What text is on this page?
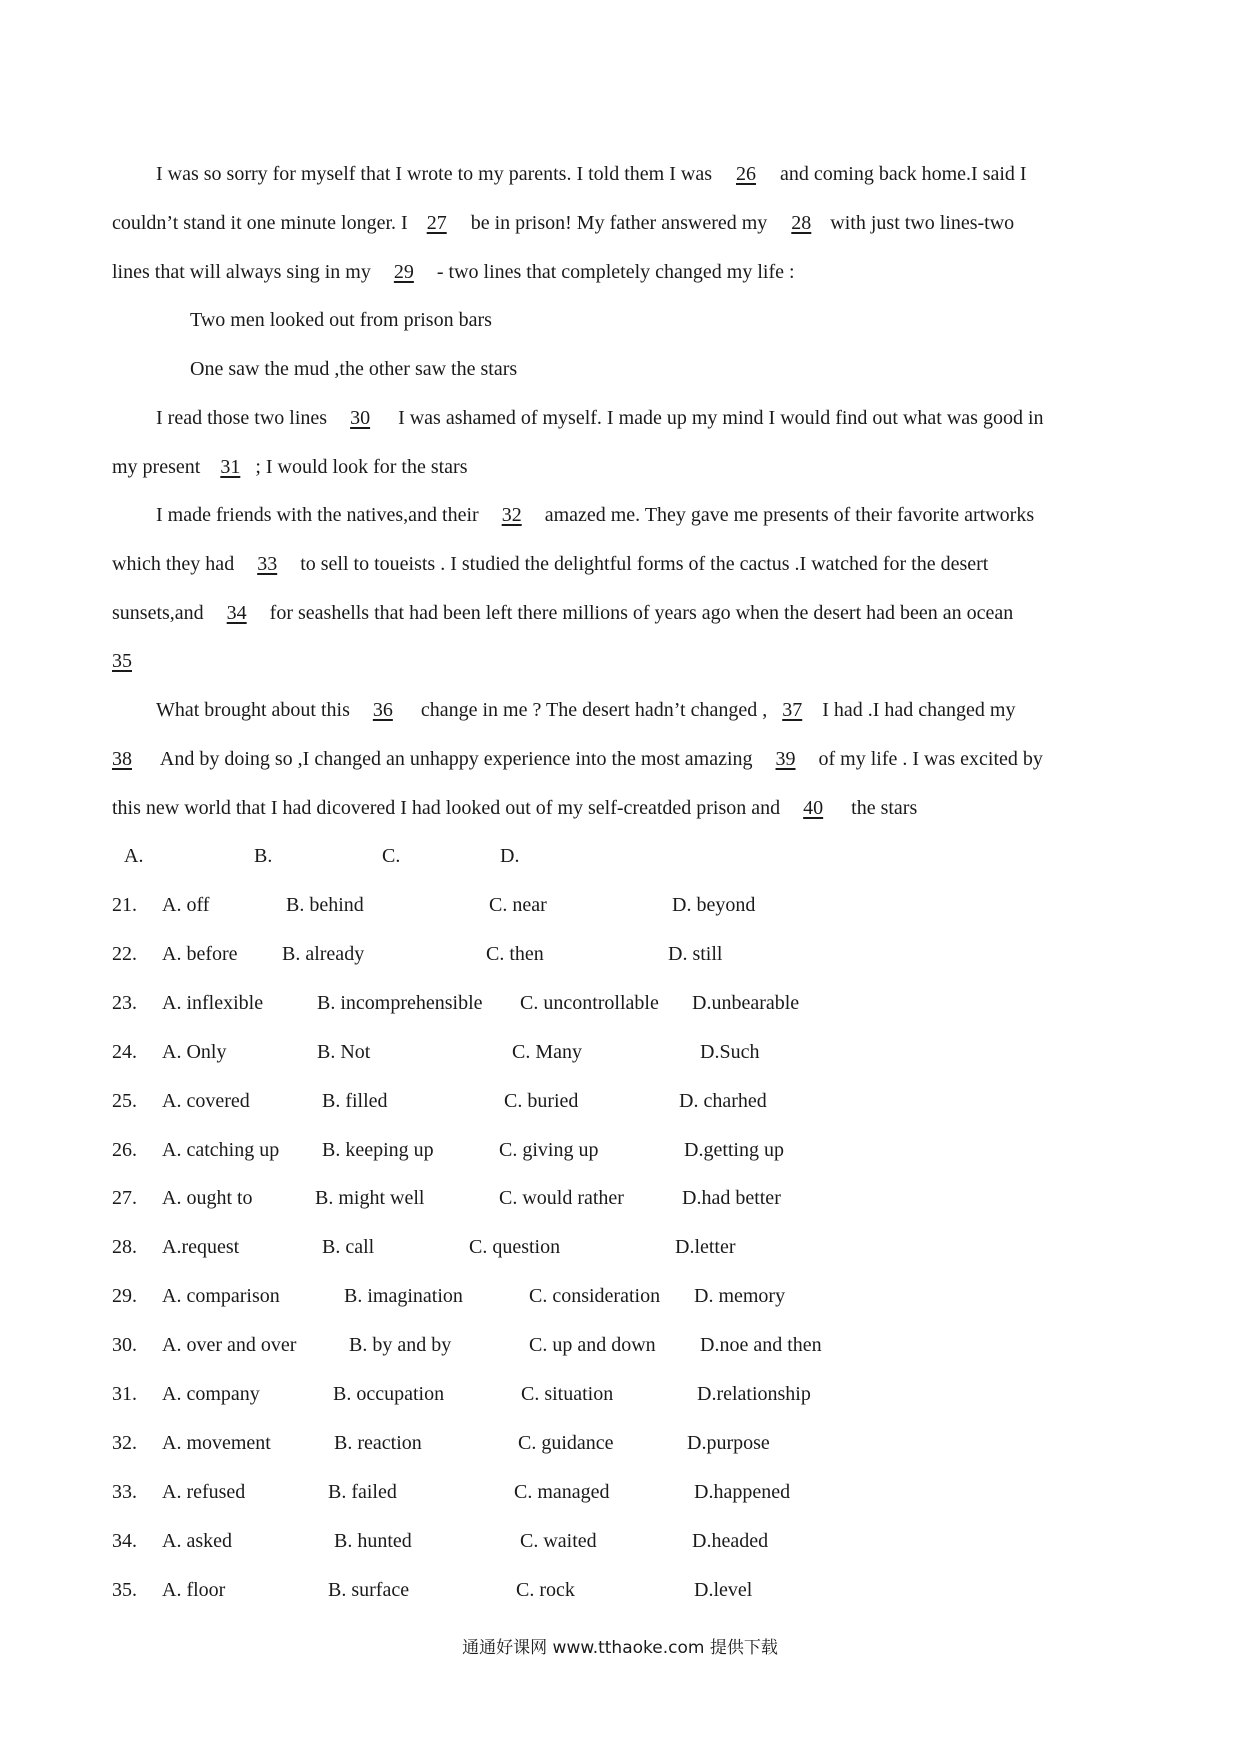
I was so sorry for myself that I wrote to my parents. I told them I was 26 and coming back home.I said I
couldn’t stand it one minute longer. I 27 be in prison! My father answered my 28 with just two lines-two
lines that will always sing in my 29 - two lines that completely changed my life :
Two men looked out from prison bars
One saw the mud ,the other saw the stars
I read those two lines 30 I was ashamed of myself. I made up my mind I would find out what was good in
my present 31 ; I would look for the stars
I made friends with the natives,and their 32 amazed me. They gave me presents of their favorite artworks
which they had 33 to sell to toueists . I studied the delightful forms of the cactus .I watched for the desert
sunsets,and 34 for seashells that had been left there millions of years ago when the desert had been an ocean
35
What brought about this 36 change in me ? The desert hadn’t changed , 37 I had .I had changed my
38 And by doing so ,I changed an unhappy experience into the most amazing 39 of my life . I was excited by
this new world that I had dicovered I had looked out of my self-creatded prison and 40 the stars
A.	B.	C.	D.
21. A. off	B. behind	C. near	D. beyond
22. A. before B. already	C. then	D. still
23. A. inflexible	B. incomprehensible C. uncontrollable D.unbearable
24. A. Only	B. Not	C. Many	D.Such
25. A. covered	B. filled	C. buried	D. charhed
26. A. catching up B. keeping up	C. giving up	D.getting up
27. A. ought to	B. might well	C. would rather	D.had better
28. A.request	B. call	C. question	D.letter
29. A. comparison	B. imagination	C. consideration D. memory
30. A. over and over	B. by and by	C. up and down D.noe and then
31. A. company	B. occupation	C. situation	D.relationship
32. A. movement	B. reaction	C. guidance	D.purpose
33. A. refused	B. failed	C. managed	D.happened
34. A. asked	B. hunted	C. waited	D.headed
35. A. floor	B. surface	C. rock	D.level
通通好课网 www.tthaoke.com 提供下载
